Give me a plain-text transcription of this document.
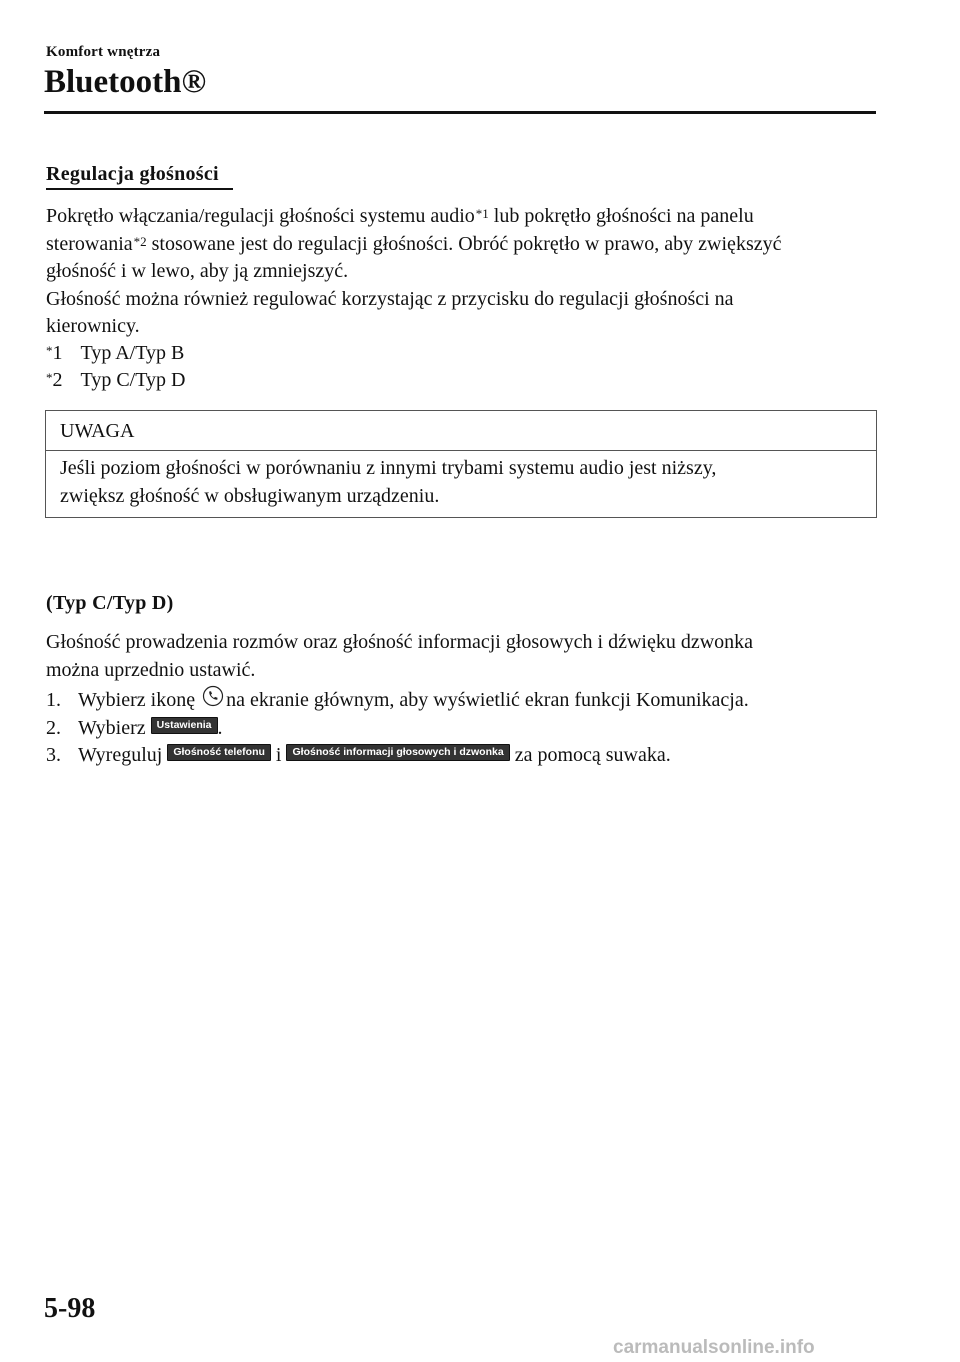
Komfort wnętrza
Bluetooth®
Regulacja głośności
Pokrętło włączania/regulacji głośności systemu audio$^{*1}$ lub pokrętło głośności na panelu
sterowania$^{*2}$ stosowane jest do regulacji głośności. Obróć pokrętło w prawo, aby zwiększyć
głośność i w lewo, aby ją zmniejszyć.
Głośność można również regulować korzystając z przycisku do regulacji głośności na
kierownicy.
*1 Typ A/Typ B
*2 Typ C/Typ D
UWAGA
Jeśli poziom głośności w porównaniu z innymi trybami systemu audio jest niższy,
zwiększ głośność w obsługiwanym urządzeniu.
(Typ C/Typ D)
Głośność prowadzenia rozmów oraz głośność informacji głosowych i dźwięku dzwonka
można uprzednio ustawić.
1. Wybierz ikonę na ekranie głównym, aby wyświetlić ekran funkcji Komunikacja.
2. Wybierz Ustawienia .
3. Wyreguluj Głośność telefonu i Głośność informacji głosowych i dzwonka za pomocą suwaka.
5-98
carmanualsonline.info
